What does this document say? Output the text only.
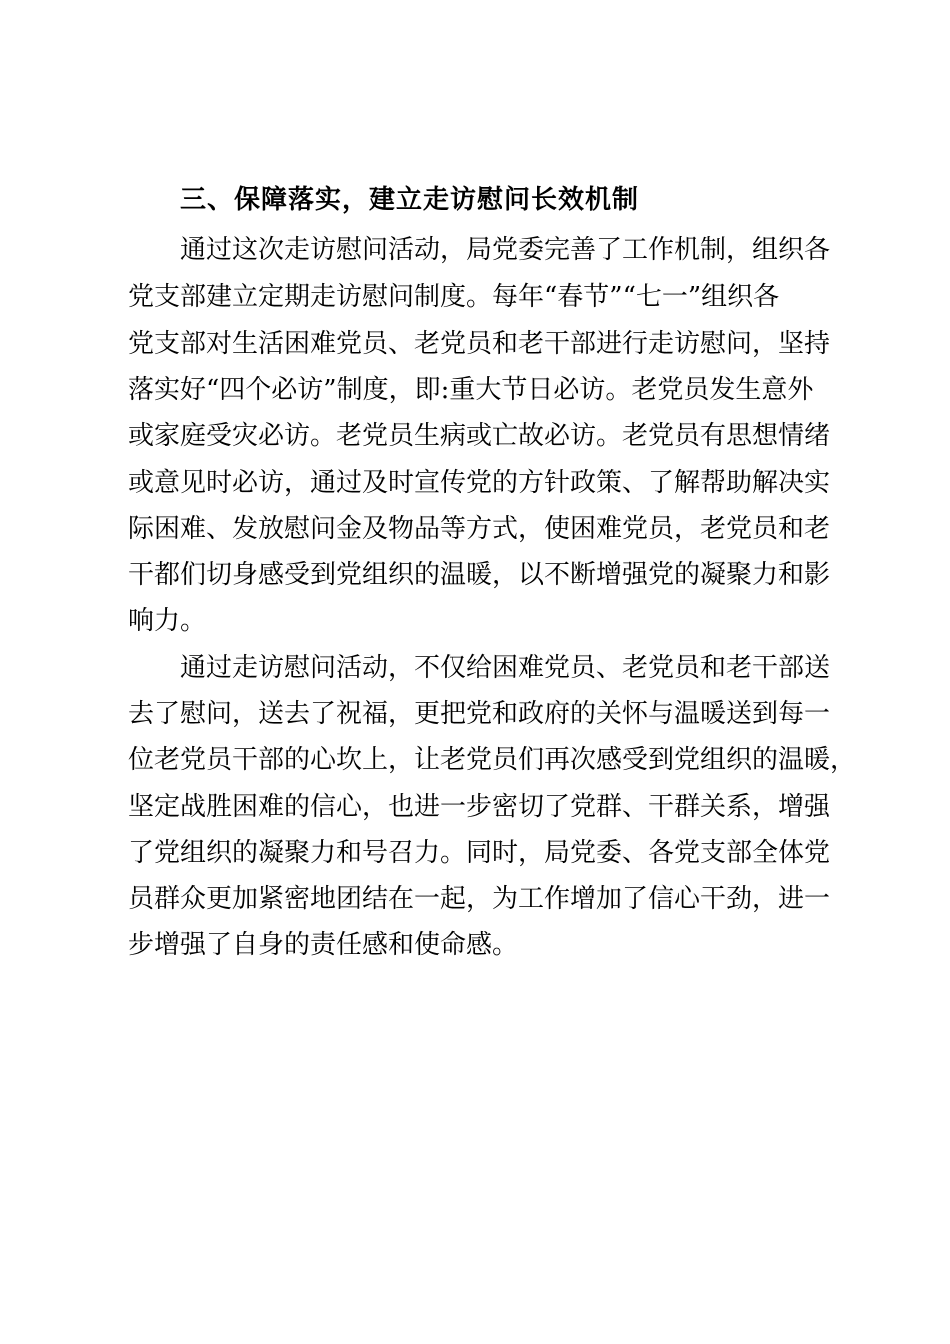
三、保障落实，建立走访慰问长效机制
通过这次走访慰问活动，局党委完善了工作机制，组织各
党支部建立定期走访慰问制度。每年“春节”“七一”组织各
党支部对生活困难党员、老党员和老干部进行走访慰问，坚持
落实好“四个必访”制度，即:重大节日必访。老党员发生意外
或家庭受灾必访。老党员生病或亡故必访。老党员有思想情绪
或意见时必访，通过及时宣传党的方针政策、了解帮助解决实
际困难、发放慰问金及物品等方式，使困难党员，老党员和老
干都们切身感受到党组织的温暖，以不断增强党的凝聚力和影
响力。
通过走访慰问活动，不仅给困难党员、老党员和老干部送
去了慰问，送去了祝福，更把党和政府的关怀与温暖送到每一
位老党员干部的心坎上，让老党员们再次感受到党组织的温暖，
坚定战胜困难的信心，也进一步密切了党群、干群关系，增强
了党组织的凝聚力和号召力。同时，局党委、各党支部全体党
员群众更加紧密地团结在一起，为工作增加了信心干劲，进一
步增强了自身的责任感和使命感。
